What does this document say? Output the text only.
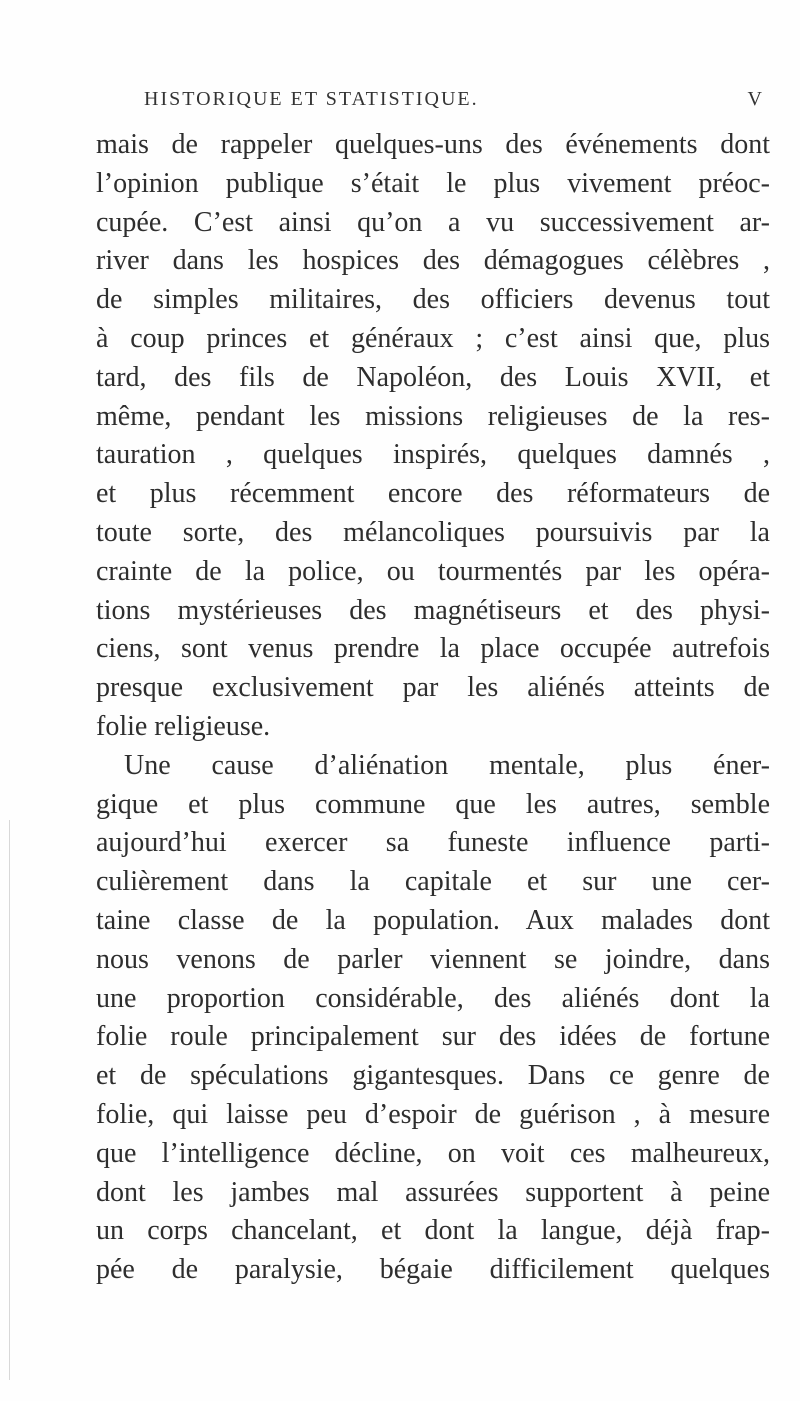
HISTORIQUE ET STATISTIQUE.	V
mais de rappeler quelques-uns des événements dont
l’opinion publique s’était le plus vivement préoc-
cupée. C’est ainsi qu’on a vu successivement ar-
river dans les hospices des démagogues célèbres ,
de simples militaires, des officiers devenus tout
à coup princes et généraux ; c’est ainsi que, plus
tard, des fils de Napoléon, des Louis XVII, et
même, pendant les missions religieuses de la res-
tauration , quelques inspirés, quelques damnés ,
et plus récemment encore des réformateurs de
toute sorte, des mélancoliques poursuivis par la
crainte de la police, ou tourmentés par les opéra-
tions mystérieuses des magnétiseurs et des physi-
ciens, sont venus prendre la place occupée autrefois
presque exclusivement par les aliénés atteints de
folie religieuse.
Une cause d’aliénation mentale, plus éner-
gique et plus commune que les autres, semble
aujourd’hui exercer sa funeste influence parti-
culièrement dans la capitale et sur une cer-
taine classe de la population. Aux malades dont
nous venons de parler viennent se joindre, dans
une proportion considérable, des aliénés dont la
folie roule principalement sur des idées de fortune
et de spéculations gigantesques. Dans ce genre de
folie, qui laisse peu d’espoir de guérison , à mesure
que l’intelligence décline, on voit ces malheureux,
dont les jambes mal assurées supportent à peine
un corps chancelant, et dont la langue, déjà frap-
pée de paralysie, bégaie difficilement quelques
